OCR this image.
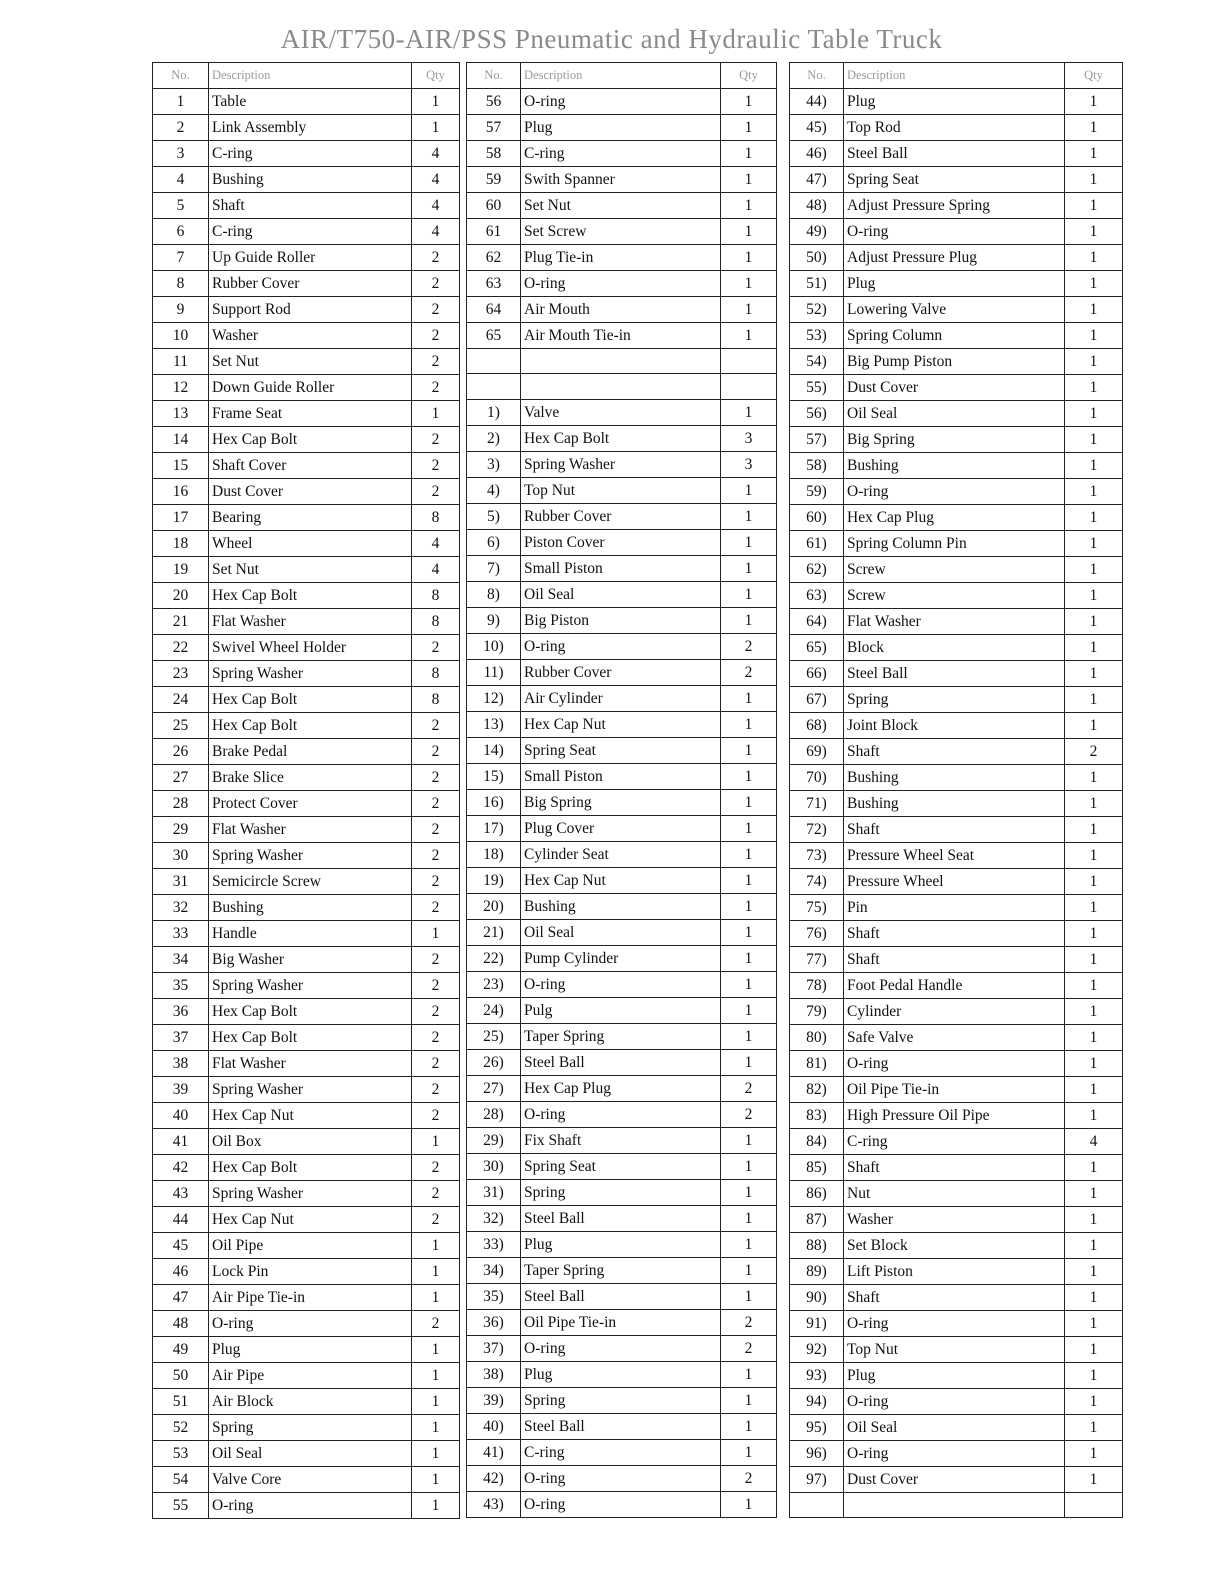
AIR/T750-AIR/PSS Pneumatic and Hydraulic Table Truck
No.	Description	Qty
1	Table	1
2	Link Assembly	1
3	C-ring	4
4	Bushing	4
5	Shaft	4
6	C-ring	4
7	Up Guide Roller	2
8	Rubber Cover	2
9	Support Rod	2
10	Washer	2
11	Set Nut	2
12	Down Guide Roller	2
13	Frame Seat	1
14	Hex Cap Bolt	2
15	Shaft Cover	2
16	Dust Cover	2
17	Bearing	8
18	Wheel	4
19	Set Nut	4
20	Hex Cap Bolt	8
21	Flat Washer	8
22	Swivel Wheel Holder	2
23	Spring Washer	8
24	Hex Cap Bolt	8
25	Hex Cap Bolt	2
26	Brake Pedal	2
27	Brake Slice	2
28	Protect Cover	2
29	Flat Washer	2
30	Spring Washer	2
31	Semicircle Screw	2
32	Bushing	2
33	Handle	1
34	Big Washer	2
35	Spring Washer	2
36	Hex Cap Bolt	2
37	Hex Cap Bolt	2
38	Flat Washer	2
39	Spring Washer	2
40	Hex Cap Nut	2
41	Oil Box	1
42	Hex Cap Bolt	2
43	Spring Washer	2
44	Hex Cap Nut	2
45	Oil Pipe	1
46	Lock Pin	1
47	Air Pipe Tie-in	1
48	O-ring	2
49	Plug	1
50	Air Pipe	1
51	Air Block	1
52	Spring	1
53	Oil Seal	1
54	Valve Core	1
55	O-ring	1
No.	Description	Qty
56	O-ring	1
57	Plug	1
58	C-ring	1
59	Swith Spanner	1
60	Set Nut	1
61	Set Screw	1
62	Plug Tie-in	1
63	O-ring	1
64	Air Mouth	1
65	Air Mouth Tie-in	1

1)	Valve	1
2)	Hex Cap Bolt	3
3)	Spring Washer	3
4)	Top Nut	1
5)	Rubber Cover	1
6)	Piston Cover	1
7)	Small Piston	1
8)	Oil Seal	1
9)	Big Piston	1
10)	O-ring	2
11)	Rubber Cover	2
12)	Air Cylinder	1
13)	Hex Cap Nut	1
14)	Spring Seat	1
15)	Small Piston	1
16)	Big Spring	1
17)	Plug Cover	1
18)	Cylinder Seat	1
19)	Hex Cap Nut	1
20)	Bushing	1
21)	Oil Seal	1
22)	Pump Cylinder	1
23)	O-ring	1
24)	Pulg	1
25)	Taper Spring	1
26)	Steel Ball	1
27)	Hex Cap Plug	2
28)	O-ring	2
29)	Fix Shaft	1
30)	Spring Seat	1
31)	Spring	1
32)	Steel Ball	1
33)	Plug	1
34)	Taper Spring	1
35)	Steel Ball	1
36)	Oil Pipe Tie-in	2
37)	O-ring	2
38)	Plug	1
39)	Spring	1
40)	Steel Ball	1
41)	C-ring	1
42)	O-ring	2
43)	O-ring	1
No.	Description	Qty
44)	Plug	1
45)	Top Rod	1
46)	Steel Ball	1
47)	Spring Seat	1
48)	Adjust Pressure Spring	1
49)	O-ring	1
50)	Adjust Pressure Plug	1
51)	Plug	1
52)	Lowering Valve	1
53)	Spring Column	1
54)	Big Pump Piston	1
55)	Dust Cover	1
56)	Oil Seal	1
57)	Big Spring	1
58)	Bushing	1
59)	O-ring	1
60)	Hex Cap Plug	1
61)	Spring Column Pin	1
62)	Screw	1
63)	Screw	1
64)	Flat Washer	1
65)	Block	1
66)	Steel Ball	1
67)	Spring	1
68)	Joint Block	1
69)	Shaft	2
70)	Bushing	1
71)	Bushing	1
72)	Shaft	1
73)	Pressure Wheel Seat	1
74)	Pressure Wheel	1
75)	Pin	1
76)	Shaft	1
77)	Shaft	1
78)	Foot Pedal Handle	1
79)	Cylinder	1
80)	Safe Valve	1
81)	O-ring	1
82)	Oil Pipe Tie-in	1
83)	High Pressure Oil Pipe	1
84)	C-ring	4
85)	Shaft	1
86)	Nut	1
87)	Washer	1
88)	Set Block	1
89)	Lift Piston	1
90)	Shaft	1
91)	O-ring	1
92)	Top Nut	1
93)	Plug	1
94)	O-ring	1
95)	Oil Seal	1
96)	O-ring	1
97)	Dust Cover	1
